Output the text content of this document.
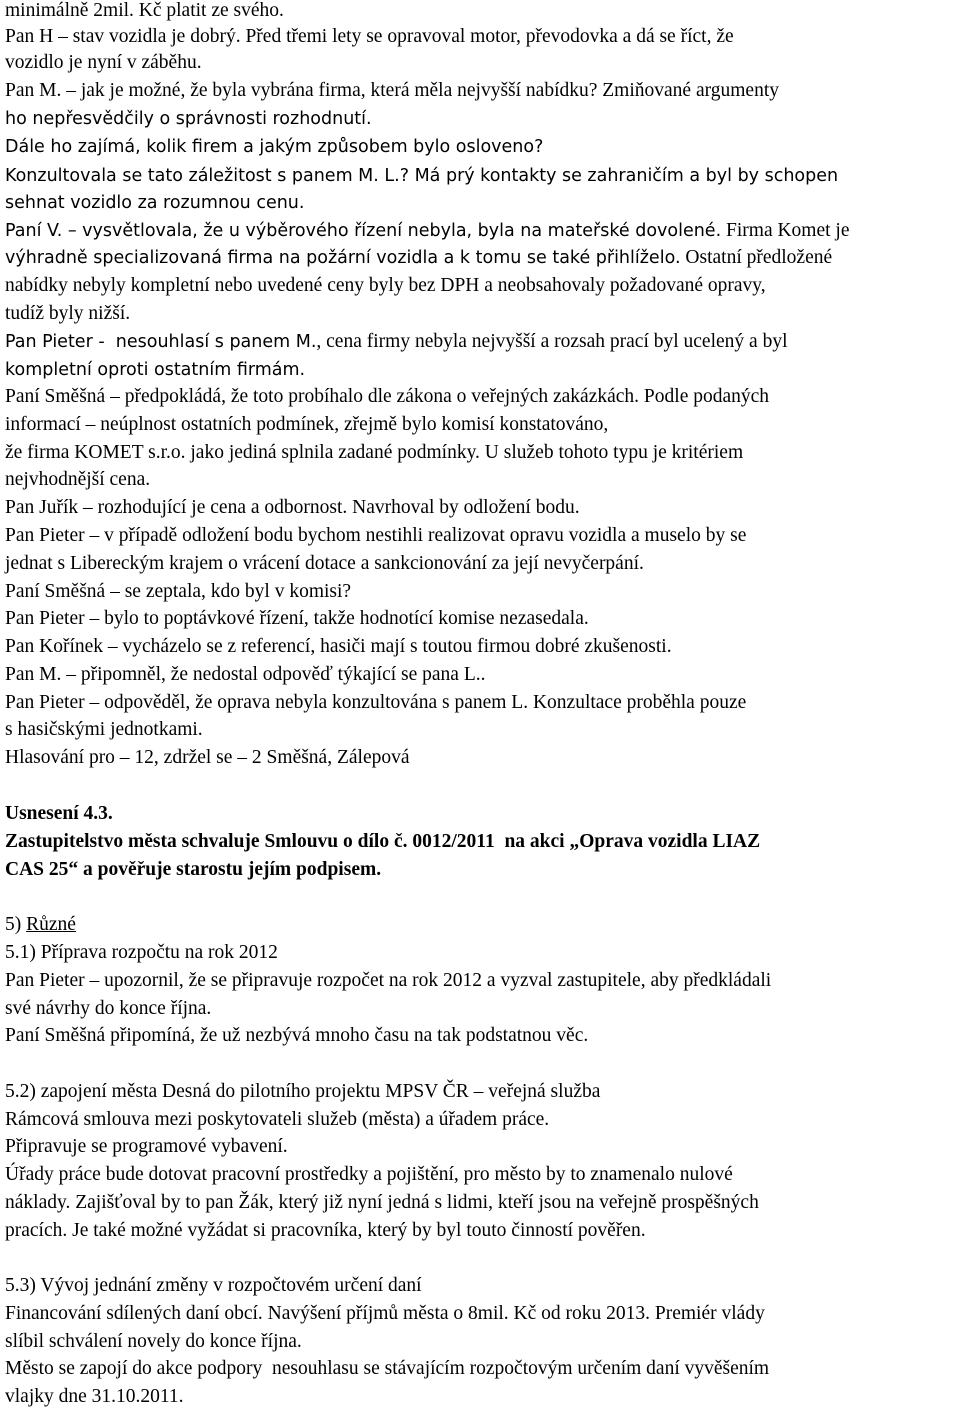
minimálně 2mil. Kč platit ze svého.
Pan H – stav vozidla je dobrý. Před třemi lety se opravoval motor, převodovka a dá se říct, že
vozidlo je nyní v záběhu.
Pan M. – jak je možné, že byla vybrána firma, která měla nejvyšší nabídku? Zmiňované argumenty
ho nepřesvědčily o správnosti rozhodnutí.
Dále ho zajímá, kolik firem a jakým způsobem bylo osloveno?
Konzultovala se tato záležitost s panem M. L.? Má prý kontakty se zahraničím a byl by schopen
sehnat vozidlo za rozumnou cenu.
Paní V. – vysvětlovala, že u výběrového řízení nebyla, byla na mateřské dovolené. Firma Komet je
výhradně specializovaná firma na požární vozidla a k tomu se také přihlíželo. Ostatní předložené
nabídky nebyly kompletní nebo uvedené ceny byly bez DPH a neobsahovaly požadované opravy,
tudíž byly nižší.
Pan Pieter -  nesouhlasí s panem M., cena firmy nebyla nejvyšší a rozsah prací byl ucelený a byl
kompletní oproti ostatním firmám.
Paní Směšná – předpokládá, že toto probíhalo dle zákona o veřejných zakázkách. Podle podaných
informací – neúplnost ostatních podmínek, zřejmě bylo komisí konstatováno,
že firma KOMET s.r.o. jako jediná splnila zadané podmínky. U služeb tohoto typu je kritériem
nejvhodnější cena.
Pan Juřík – rozhodující je cena a odbornost. Navrhoval by odložení bodu.
Pan Pieter – v případě odložení bodu bychom nestihli realizovat opravu vozidla a muselo by se
jednat s Libereckým krajem o vrácení dotace a sankcionování za její nevyčerpání.
Paní Směšná – se zeptala, kdo byl v komisi?
Pan Pieter – bylo to poptávkové řízení, takže hodnotící komise nezasedala.
Pan Kořínek – vycházelo se z referencí, hasiči mají s toutou firmou dobré zkušenosti.
Pan M. – připomněl, že nedostal odpověď týkající se pana L..
Pan Pieter – odpověděl, že oprava nebyla konzultována s panem L. Konzultace proběhla pouze
s hasičskými jednotkami.
Hlasování pro – 12, zdržel se – 2 Směšná, Zálepová
Usnesení 4.3.
Zastupitelstvo města schvaluje Smlouvu o dílo č. 0012/2011  na akci „Oprava vozidla LIAZ
CAS 25“ a pověřuje starostu jejím podpisem.
5) Různé
5.1) Příprava rozpočtu na rok 2012
Pan Pieter – upozornil, že se připravuje rozpočet na rok 2012 a vyzval zastupitele, aby předkládali
své návrhy do konce října.
Paní Směšná připomíná, že už nezbývá mnoho času na tak podstatnou věc.
5.2) zapojení města Desná do pilotního projektu MPSV ČR – veřejná služba
Rámcová smlouva mezi poskytovateli služeb (města) a úřadem práce.
Připravuje se programové vybavení.
Úřady práce bude dotovat pracovní prostředky a pojištění, pro město by to znamenalo nulové
náklady. Zajišťoval by to pan Žák, který již nyní jedná s lidmi, kteří jsou na veřejně prospěšných
pracích. Je také možné vyžádat si pracovníka, který by byl touto činností pověřen.
5.3) Vývoj jednání změny v rozpočtovém určení daní
Financování sdílených daní obcí. Navýšení příjmů města o 8mil. Kč od roku 2013. Premiér vlády
slíbil schválení novely do konce října.
Město se zapojí do akce podpory  nesouhlasu se stávajícím rozpočtovým určením daní vyvěšením
vlajky dne 31.10.2011.
